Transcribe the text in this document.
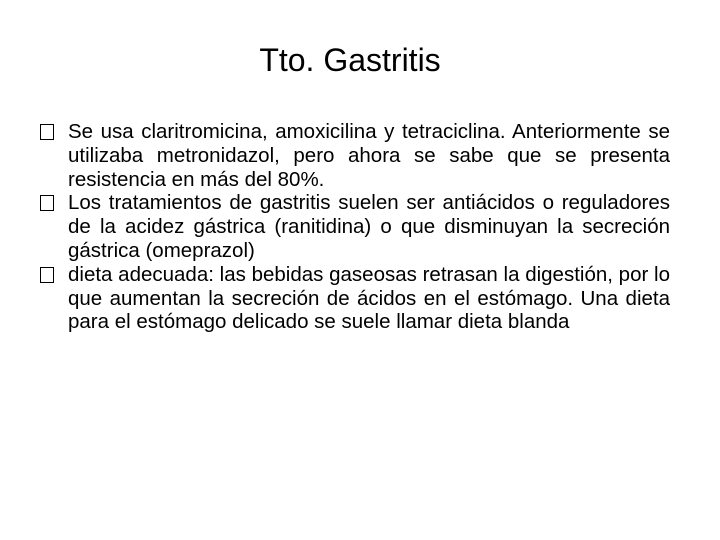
Tto. Gastritis
Se usa claritromicina, amoxicilina y tetraciclina. Anteriormente se utilizaba metronidazol, pero ahora se sabe que se presenta resistencia en más del 80%.
Los tratamientos de gastritis suelen ser antiácidos o reguladores de la acidez gástrica (ranitidina) o que disminuyan la secreción gástrica (omeprazol)
dieta adecuada: las bebidas gaseosas retrasan la digestión, por lo que aumentan la secreción de ácidos en el estómago. Una dieta para el estómago delicado se suele llamar dieta blanda
